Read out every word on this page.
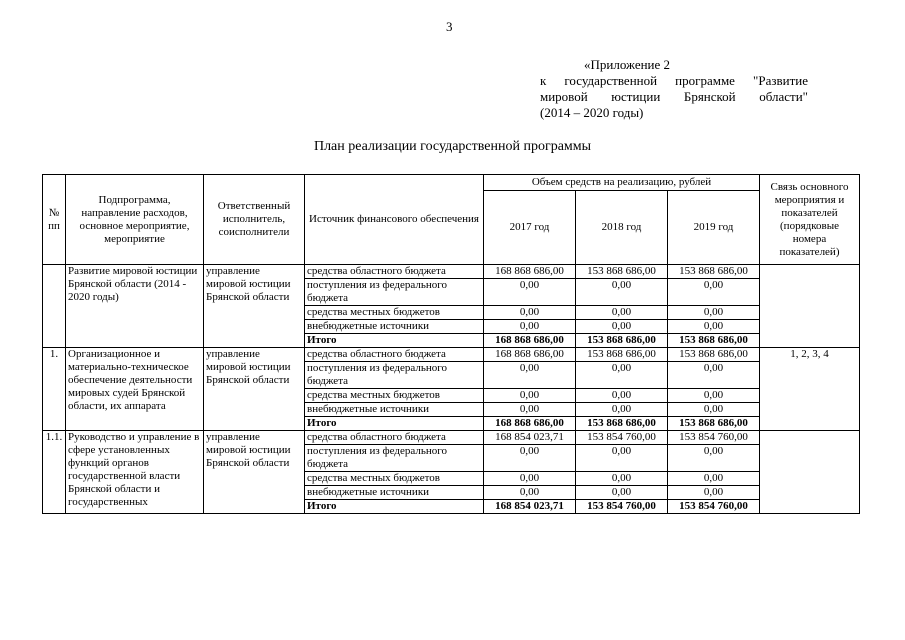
3
«Приложение 2
к государственной программе "Развитие
мировой юстиции Брянской области"
(2014 – 2020 годы)
План реализации государственной программы
№ пп	Подпрограмма, направление расходов, основное мероприятие, мероприятие	Ответственный исполнитель, соисполнители	Источник финансового обеспечения	Объем средств на реализацию, рублей			Связь основного мероприятия и показателей (порядковые номера показателей)
				2017 год	2018 год	2019 год	
	Развитие мировой юстиции Брянской области (2014 - 2020 годы)	управление мировой юстиции Брянской области	средства областного бюджета	168 868 686,00	153 868 686,00	153 868 686,00	
			поступления из федерального бюджета	0,00	0,00	0,00	
			средства местных бюджетов	0,00	0,00	0,00	
			внебюджетные источники	0,00	0,00	0,00	
			Итого	168 868 686,00	153 868 686,00	153 868 686,00	
1.	Организационное и материально-техническое обеспечение деятельности мировых судей Брянской области, их аппарата	управление мировой юстиции Брянской области	средства областного бюджета	168 868 686,00	153 868 686,00	153 868 686,00	1, 2, 3, 4
			поступления из федерального бюджета	0,00	0,00	0,00	
			средства местных бюджетов	0,00	0,00	0,00	
			внебюджетные источники	0,00	0,00	0,00	
			Итого	168 868 686,00	153 868 686,00	153 868 686,00	
1.1.	Руководство и управление в сфере установленных функций органов государственной власти Брянской области и государственных	управление мировой юстиции Брянской области	средства областного бюджета	168 854 023,71	153 854 760,00	153 854 760,00	
			поступления из федерального бюджета	0,00	0,00	0,00	
			средства местных бюджетов	0,00	0,00	0,00	
			внебюджетные источники	0,00	0,00	0,00	
			Итого	168 854 023,71	153 854 760,00	153 854 760,00	
